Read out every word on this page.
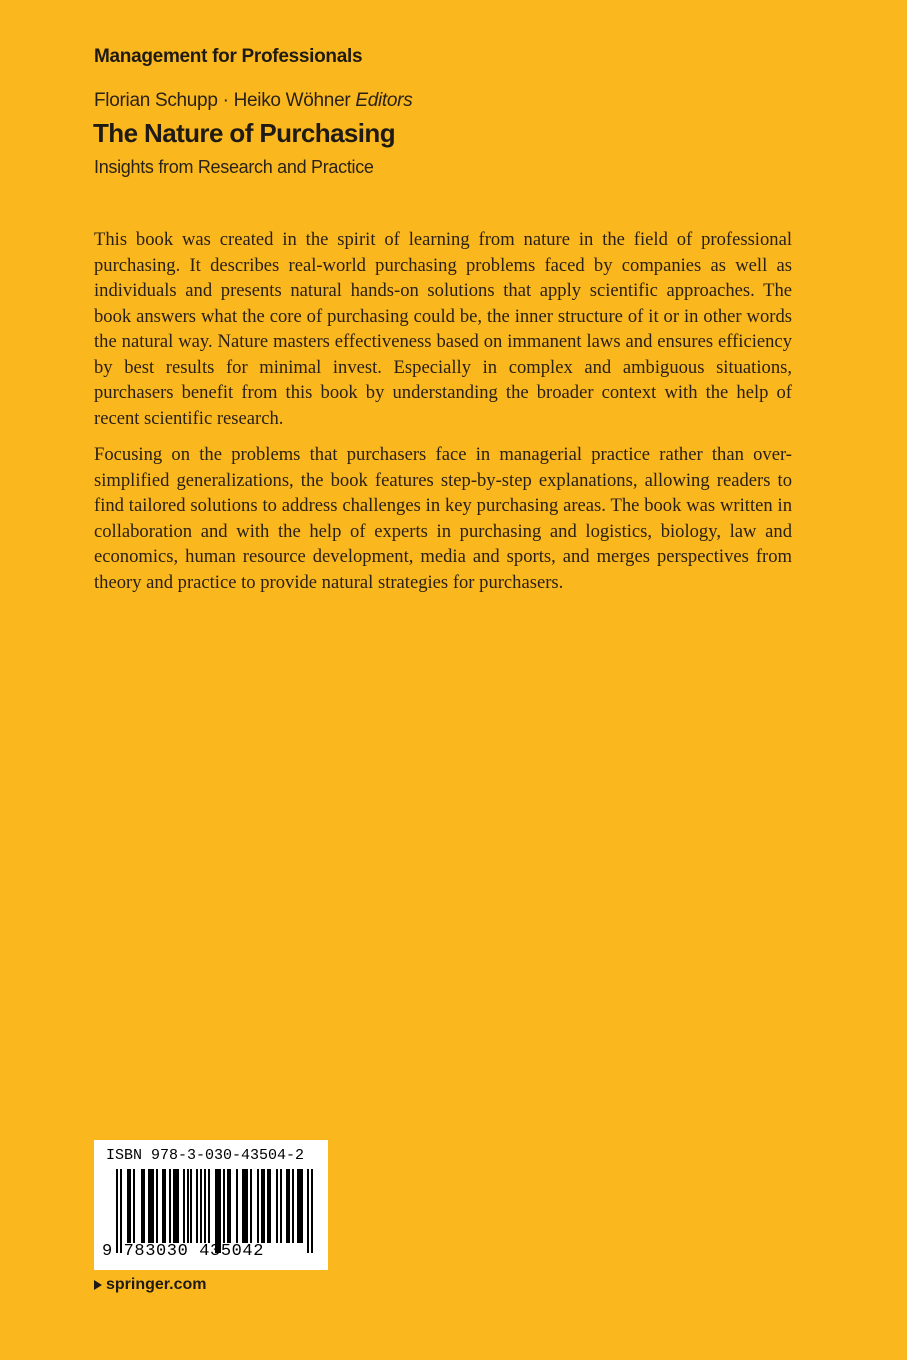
Management for Professionals
Florian Schupp · Heiko Wöhner Editors
The Nature of Purchasing
Insights from Research and Practice

This book was created in the spirit of learning from nature in the field of professional purchasing. It describes real-world purchasing problems faced by companies as well as individuals and presents natural hands-on solutions that apply scientific approaches. The book answers what the core of purchasing could be, the inner structure of it or in other words the natural way. Nature masters effectiveness based on immanent laws and ensures efficiency by best results for minimal invest. Especially in complex and ambiguous situations, purchasers benefit from this book by understanding the broader context with the help of recent scientific research.

Focusing on the problems that purchasers face in managerial practice rather than over-simplified generalizations, the book features step-by-step explanations, allowing readers to find tailored solutions to address challenges in key purchasing areas. The book was written in collaboration and with the help of experts in purchasing and logistics, biology, law and economics, human resource development, media and sports, and merges perspectives from theory and practice to provide natural strategies for purchasers.

ISBN 978-3-030-43504-2
9 783030 435042
springer.com
